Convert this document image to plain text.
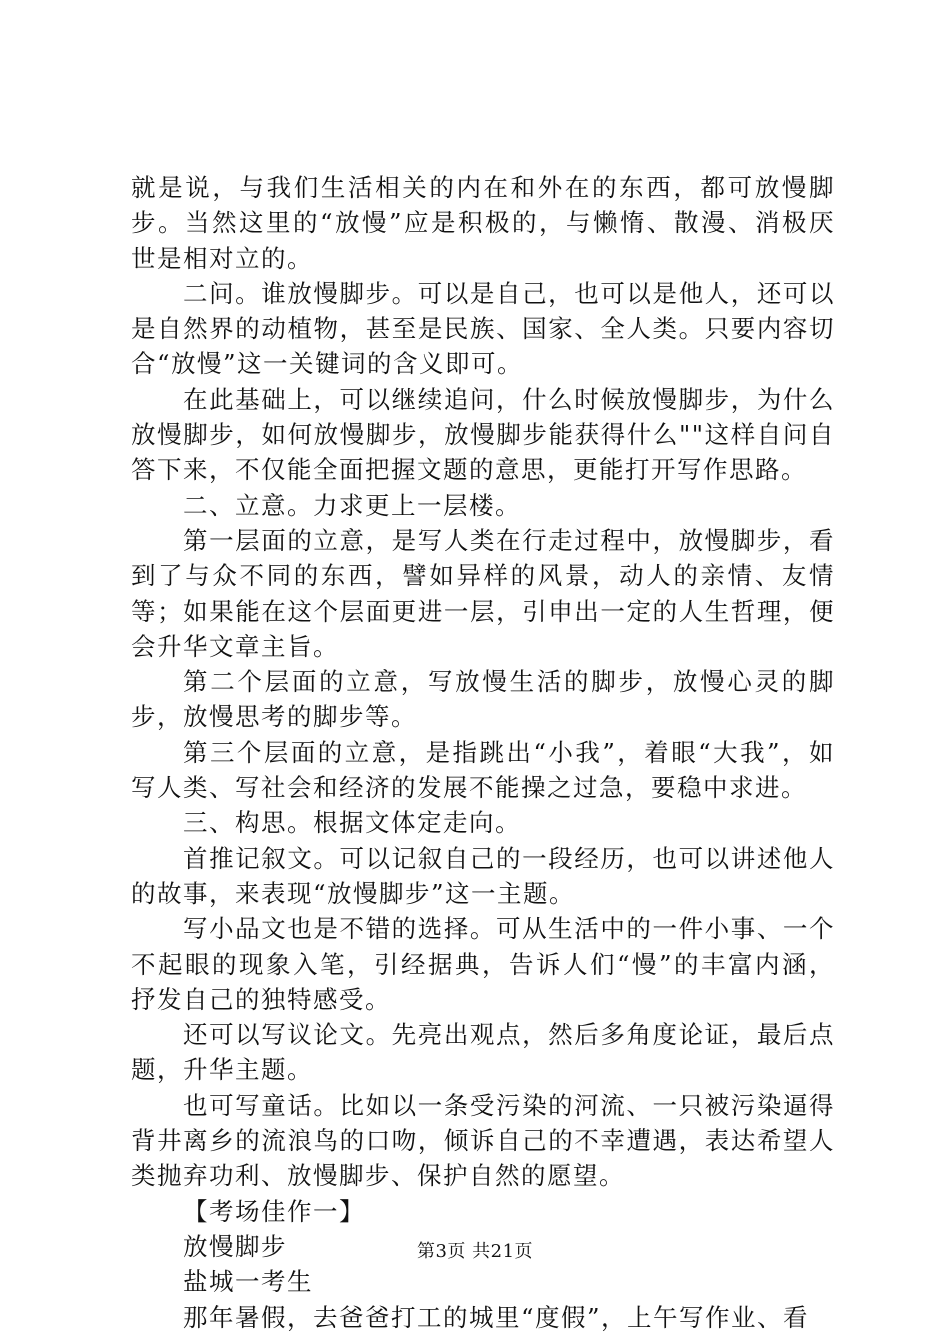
就是说，与我们生活相关的内在和外在的东西，都可放慢脚步。当然这里的“放慢”应是积极的，与懒惰、散漫、消极厌世是相对立的。

二问。谁放慢脚步。可以是自己，也可以是他人，还可以是自然界的动植物，甚至是民族、国家、全人类。只要内容切合“放慢”这一关键词的含义即可。

在此基础上，可以继续追问，什么时候放慢脚步，为什么放慢脚步，如何放慢脚步，放慢脚步能获得什么""这样自问自答下来，不仅能全面把握文题的意思，更能打开写作思路。

二、立意。力求更上一层楼。

第一层面的立意，是写人类在行走过程中，放慢脚步，看到了与众不同的东西，譬如异样的风景，动人的亲情、友情等；如果能在这个层面更进一层，引申出一定的人生哲理，便会升华文章主旨。

第二个层面的立意，写放慢生活的脚步，放慢心灵的脚步，放慢思考的脚步等。

第三个层面的立意，是指跳出“小我”，着眼“大我”，如写人类、写社会和经济的发展不能操之过急，要稳中求进。

三、构思。根据文体定走向。

首推记叙文。可以记叙自己的一段经历，也可以讲述他人的故事，来表现“放慢脚步”这一主题。

写小品文也是不错的选择。可从生活中的一件小事、一个不起眼的现象入笔，引经据典，告诉人们“慢”的丰富内涵，抒发自己的独特感受。

还可以写议论文。先亮出观点，然后多角度论证，最后点题，升华主题。

也可写童话。比如以一条受污染的河流、一只被污染逼得背井离乡的流浪鸟的口吻，倾诉自己的不幸遭遇，表达希望人类抛弃功利、放慢脚步、保护自然的愿望。

【考场佳作一】

放慢脚步

盐城一考生

那年暑假，去爸爸打工的城里“度假”，上午写作业、看

第3页 共21页
